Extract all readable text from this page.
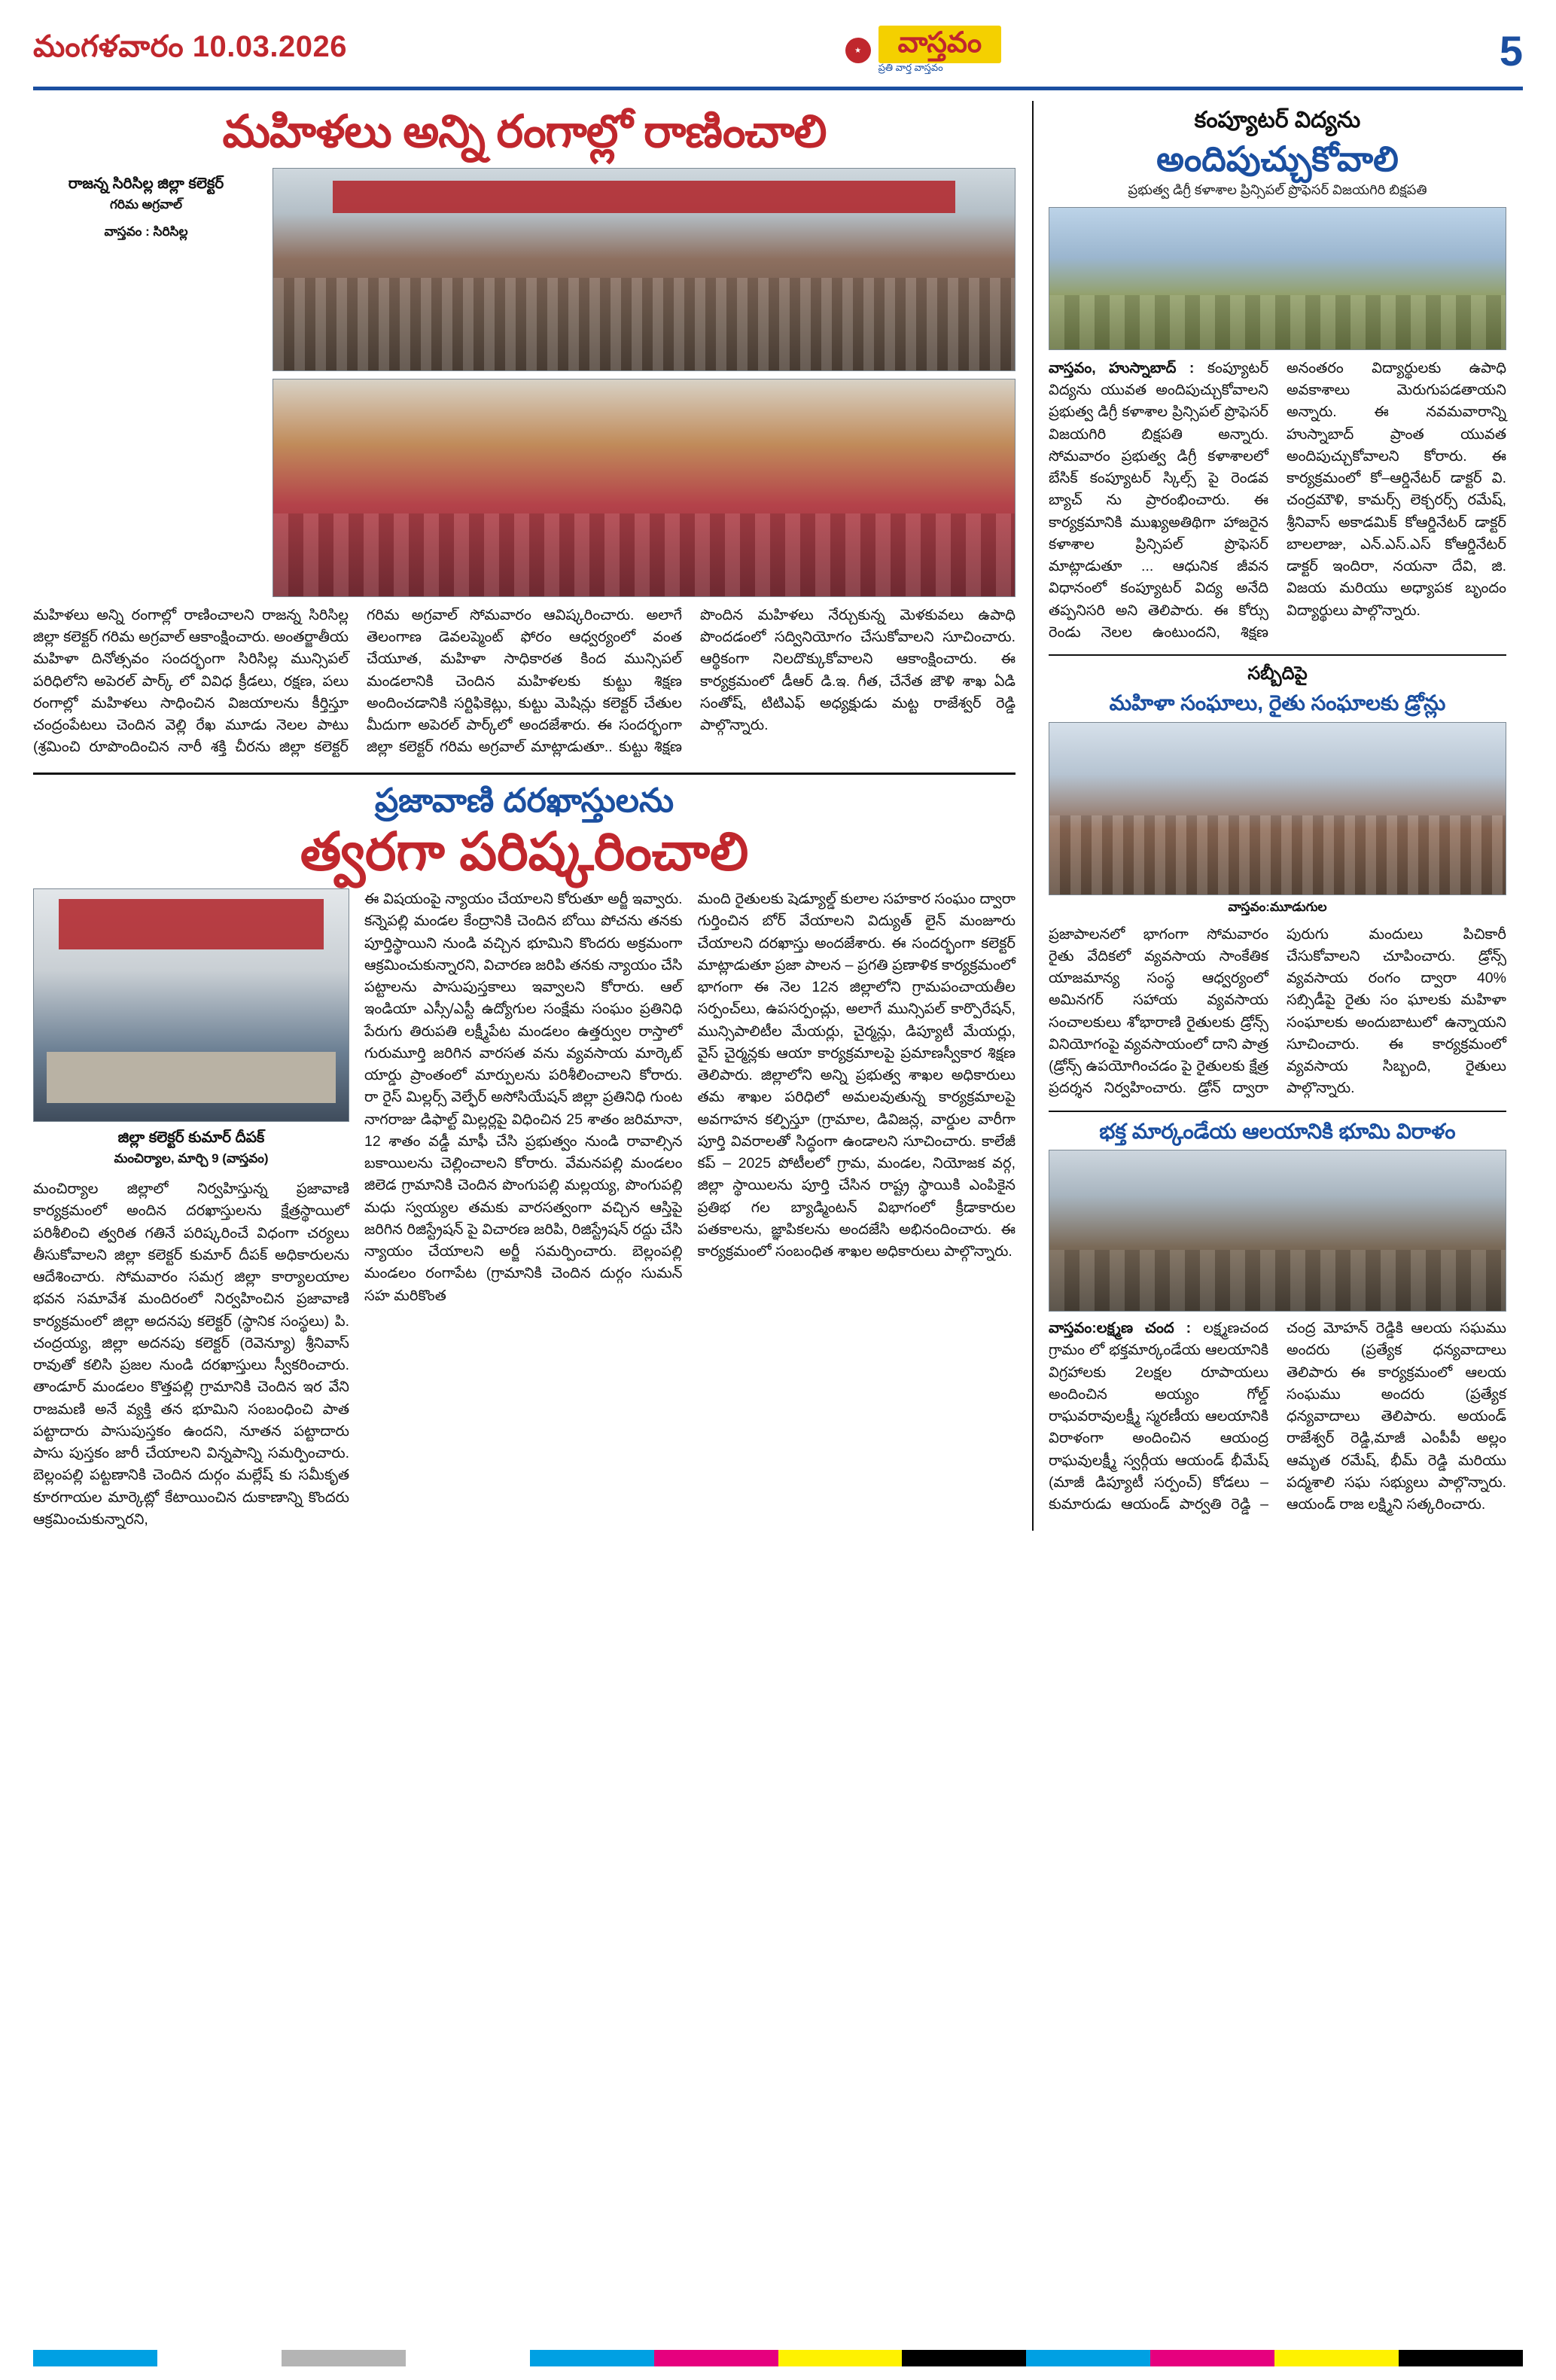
మంగళవారం 10.03.2026	★	వాస్తవం
ప్రతి వార్త వాస్తవం	5
మహిళలు అన్ని రంగాల్లో రాణించాలి
రాజన్న సిరిసిల్ల జిల్లా కలెక్టర్
గరిమ అగ్రవాల్
వాస్తవం : సిరిసిల్ల
మహిళలు అన్ని రంగాల్లో రాణించాలని రాజన్న సిరిసిల్ల జిల్లా కలెక్టర్ గరిమ అగ్రవాల్ ఆకాంక్షించారు. అంతర్జాతీయ మహిళా దినోత్సవం సందర్భంగా సిరిసిల్ల మున్సిపల్ పరిధిలోని అపెరల్ పార్క్ లో వివిధ క్రీడలు, రక్షణ, పలు రంగాల్లో మహిళలు సాధించిన విజయాలను కీర్తిస్తూ చంద్రంపేటలు చెందిన వెల్లి రేఖ మూడు నెలల పాటు (శ్రమించి రూపొందించిన నారీ శక్తి చీరను జిల్లా కలెక్టర్ గరిమ అగ్రవాల్ సోమవారం ఆవిష్కరించారు. అలాగే తెలంగాణ డెవలప్మెంట్ ఫోరం ఆధ్వర్యంలో వంత చేయూత, మహిళా సాధికారత కింద మున్సిపల్ మండలానికి చెందిన మహిళలకు కుట్టు శిక్షణ అందించడానికి సర్టిఫికెట్లు, కుట్టు మెషిన్లు కలెక్టర్ చేతుల మీదుగా అపెరల్ పార్క్‌లో అందజేశారు. ఈ సందర్భంగా జిల్లా కలెక్టర్ గరిమ అగ్రవాల్ మాట్లాడుతూ.. కుట్టు శిక్షణ పొందిన మహిళలు నేర్చుకున్న మెళకువలు ఉపాధి పొందడంలో సద్వినియోగం చేసుకోవాలని సూచించారు. ఆర్థికంగా నిలదొక్కుకోవాలని ఆకాంక్షించారు. ఈ కార్యక్రమంలో డీఆర్ డి.ఇ. గీత, చేనేత జౌళి శాఖ ఏడి సంతోష్, టిటిఎఫ్ అధ్యక్షుడు మట్ట రాజేశ్వర్ రెడ్డి పాల్గొన్నారు.
ప్రజావాణి దరఖాస్తులను
త్వరగా పరిష్కరించాలి
జిల్లా కలెక్టర్ కుమార్ దీపక్
మంచిర్యాల, మార్చి 9 (వాస్తవం)
మంచిర్యాల జిల్లాలో నిర్వహిస్తున్న ప్రజావాణి కార్యక్రమంలో అందిన దరఖాస్తులను క్షేత్రస్థాయిలో పరిశీలించి త్వరిత గతినే పరిష్కరించే విధంగా చర్యలు తీసుకోవాలని జిల్లా కలెక్టర్ కుమార్ దీపక్ అధికారులను ఆదేశించారు. సోమవారం సమగ్ర జిల్లా కార్యాలయాల భవన సమావేశ మందిరంలో నిర్వహించిన ప్రజావాణి కార్యక్రమంలో జిల్లా అదనపు కలెక్టర్ (స్థానిక సంస్థలు) పి. చంద్రయ్య, జిల్లా అదనపు కలెక్టర్ (రెవెన్యూ) శ్రీనివాస్ రావుతో కలిసి ప్రజల నుండి దరఖాస్తులు స్వీకరించారు. తాండూర్ మండలం కొత్తపల్లి గ్రామానికి చెందిన ఇర వేని రాజమణి అనే వ్యక్తి తన భూమిని సంబంధించి పాత పట్టాదారు పాసుపుస్తకం ఉందని, నూతన పట్టాదారు పాసు పుస్తకం జారీ చేయాలని విన్నపాన్ని సమర్పించారు. బెల్లంపల్లి పట్టణానికి చెందిన దుర్గం మల్లేష్ కు సమీకృత కూరగాయల మార్కెట్లో కేటాయించిన దుకాణాన్ని కొందరు ఆక్రమించుకున్నారని,
ఈ విషయంపై న్యాయం చేయాలని కోరుతూ అర్జీ ఇవ్వారు. కన్నెపల్లి మండల కేంద్రానికి చెందిన బోయి పోచను తనకు పూర్తిస్థాయిని నుండి వచ్చిన భూమిని కొందరు అక్రమంగా ఆక్రమించుకున్నారని, విచారణ జరిపి తనకు న్యాయం చేసి పట్టాలను పాసుపుస్తకాలు ఇవ్వాలని కోరారు. ఆల్ ఇండియా ఎస్సీ/ఎస్టీ ఉద్యోగుల సంక్షేమ సంఘం ప్రతినిధి పేరుగు తిరుపతి లక్ష్మీపేట మండలం ఉత్తర్వుల రాస్తాలో గురుమూర్తి జరిగిన వారసత వను వ్యవసాయ మార్కెట్ యార్డు ప్రాంతంలో మార్పులను పరిశీలించాలని కోరారు. రా రైస్ మిల్లర్స్ వెల్ఫేర్ అసోసియేషన్ జిల్లా ప్రతినిధి గుంట నాగరాజు డిఫాల్ట్ మిల్లర్లపై విధించిన 25 శాతం జరిమానా, 12 శాతం వడ్డీ మాఫీ చేసి ప్రభుత్వం నుండి రావాల్సిన బకాయిలను చెల్లించాలని కోరారు. వేమనపల్లి మండలం జిలెడ గ్రామానికి చెందిన పొంగుపల్లి మల్లయ్య, పొంగుపల్లి మధు స్వయ్యల తమకు వారసత్వంగా వచ్చిన ఆస్తిపై జరిగిన రిజిస్ట్రేషన్ పై విచారణ జరిపి, రిజిస్ట్రేషన్ రద్దు చేసి న్యాయం చేయాలని అర్జీ సమర్పించారు. బెల్లంపల్లి మండలం రంగాపేట (గ్రామానికి చెందిన దుర్గం సుమన్ సహ మరికొంత
మంది రైతులకు షెడ్యూల్డ్ కులాల సహకార సంఘం ద్వారా గుర్తించిన బోర్ వేయాలని విద్యుత్ లైన్ మంజూరు చేయాలని దరఖాస్తు అందజేశారు. ఈ సందర్భంగా కలెక్టర్ మాట్లాడుతూ ప్రజా పాలన – ప్రగతి ప్రణాళిక కార్యక్రమంలో భాగంగా ఈ నెల 12న జిల్లాలోని గ్రామపంచాయతీల సర్పంచ్‌లు, ఉపసర్పంచ్లు, అలాగే మున్సిపల్ కార్పొరేషన్, మున్సిపాలిటీల మేయర్లు, చైర్మన్లు, డిప్యూటీ మేయర్లు, వైస్ చైర్మన్లకు ఆయా కార్యక్రమాలపై ప్రమాణస్వీకార శిక్షణ తెలిపారు. జిల్లాలోని అన్ని ప్రభుత్వ శాఖల అధికారులు తమ శాఖల పరిధిలో అమలవుతున్న కార్యక్రమాలపై అవగాహన కల్పిస్తూ (గ్రామాల, డివిజన్ల, వార్డుల వారీగా పూర్తి వివరాలతో సిద్ధంగా ఉండాలని సూచించారు. కాలేజీ కప్ – 2025 పోటీలలో గ్రామ, మండల, నియోజక వర్గ, జిల్లా స్థాయిలను పూర్తి చేసిన రాష్ట్ర స్థాయికి ఎంపికైన ప్రతిభ గల బ్యాడ్మింటన్ విభాగంలో క్రీడాకారుల పతకాలను, జ్ఞాపికలను అందజేసి అభినందించారు. ఈ కార్యక్రమంలో సంబంధిత శాఖల అధికారులు పాల్గొన్నారు.
కంప్యూటర్ విద్యను
అందిపుచ్చుకోవాలి
ప్రభుత్వ డిగ్రీ కళాశాల ప్రిన్సిపల్ ప్రొఫెసర్ విజయగిరి బిక్షపతి
వాస్తవం, హుస్నాబాద్ : కంప్యూటర్ విద్యను యువత అందిపుచ్చుకోవాలని ప్రభుత్వ డిగ్రీ కళాశాల ప్రిన్సిపల్ ప్రొఫెసర్ విజయగిరి బిక్షపతి అన్నారు. సోమవారం ప్రభుత్వ డిగ్రీ కళాశాలలో బేసిక్ కంప్యూటర్ స్కిల్స్ పై రెండవ బ్యాచ్ ను ప్రారంభించారు. ఈ కార్యక్రమానికి ముఖ్యఅతిథిగా హాజరైన కళాశాల ప్రిన్సిపల్ ప్రొఫెసర్ మాట్లాడుతూ ... ఆధునిక జీవన విధానంలో కంప్యూటర్ విద్య అనేది తప్పనిసరి అని తెలిపారు. ఈ కోర్సు రెండు నెలల ఉంటుందని, శిక్షణ అనంతరం విద్యార్థులకు ఉపాధి అవకాశాలు మెరుగుపడతాయని అన్నారు. ఈ నవమవారాన్ని హుస్నాబాద్ ప్రాంత యువత అందిపుచ్చుకోవాలని కోరారు. ఈ కార్యక్రమంలో కో–ఆర్డినేటర్ డాక్టర్ వి. చంద్రమౌళి, కామర్స్ లెక్చరర్స్ రమేష్, శ్రీనివాస్ అకాడమిక్ కోఆర్డినేటర్ డాక్టర్ బాలలాజు, ఎన్.ఎస్.ఎస్ కోఆర్డినేటర్ డాక్టర్ ఇందిరా, నయనా దేవి, జి. విజయ మరియు అధ్యాపక బృందం విద్యార్థులు పాల్గొన్నారు.
సబ్బీదిపై
మహిళా సంఘాలు, రైతు సంఘాలకు డ్రోన్లు
వాస్తవం:మూడుగుల
ప్రజాపాలనలో భాగంగా సోమవారం రైతు వేదికలో వ్యవసాయ సాంకేతిక యాజమాన్య సంస్థ ఆధ్వర్యంలో అమినగర్ సహాయ వ్యవసాయ సంచాలకులు శోభారాణి రైతులకు డ్రోన్స్ వినియోగంపై వ్యవసాయంలో దాని పాత్ర (డ్రోన్స్ ఉపయోగించడం పై రైతులకు క్షేత్ర ప్రదర్శన నిర్వహించారు. డ్రోన్ ద్వారా పురుగు మందులు పిచికారీ చేసుకోవాలని చూపించారు. డ్రోన్స్ వ్యవసాయ రంగం ద్వారా 40% సబ్సిడీపై రైతు సం ఘాలకు మహిళా సంఘాలకు అందుబాటులో ఉన్నాయని సూచించారు. ఈ కార్యక్రమంలో వ్యవసాయ సిబ్బంది, రైతులు పాల్గొన్నారు.
భక్త మార్కండేయ ఆలయానికి భూమి విరాళం
వాస్తవం:లక్ష్మణ చంద : లక్ష్మణచంద గ్రామం లో భక్తమార్కండేయ ఆలయానికి విగ్రహాలకు 2లక్షల రూపాయలు అందించిన అయ్యం గోల్డ్ రాఘవరావులక్ష్మీ స్మరణీయ ఆలయానికి విరాళంగా అందించిన ఆయంద్ర రాఘవులక్ష్మీ స్వర్గీయ ఆయండ్ భీమేష్ (మాజీ డిప్యూటీ సర్పంచ్) కోడలు –కుమారుడు ఆయండ్ పార్వతి రెడ్డి –చంద్ర మోహన్ రెడ్డికి ఆలయ సఘము అందరు (ప్రత్యేక ధన్యవాదాలు తెలిపారు ఈ కార్యక్రమంలో ఆలయ సంఘము అందరు (ప్రత్యేక ధన్యవాదాలు తెలిపారు. అయండ్ రాజేశ్వర్ రెడ్డి,మాజీ ఎంపీపీ అల్లం ఆమృత రమేష్, భీమ్ రెడ్డి మరియు పద్మశాలి సఘ సభ్యులు పాల్గొన్నారు. ఆయండ్ రాజ లక్ష్మిని సత్కరించారు.
